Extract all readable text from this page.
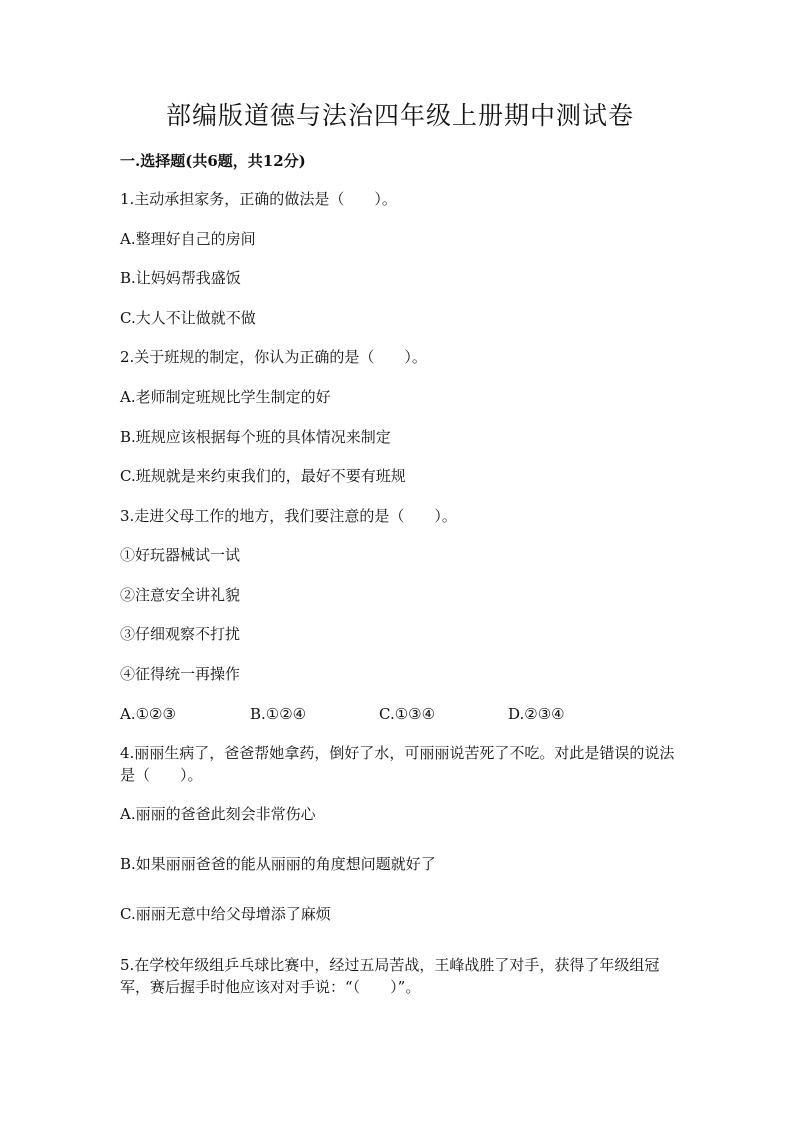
部编版道德与法治四年级上册期中测试卷
一.选择题(共6题，共12分)
1.主动承担家务，正确的做法是（　　）。
A.整理好自己的房间
B.让妈妈帮我盛饭
C.大人不让做就不做
2.关于班规的制定，你认为正确的是（　　）。
A.老师制定班规比学生制定的好
B.班规应该根据每个班的具体情况来制定
C.班规就是来约束我们的，最好不要有班规
3.走进父母工作的地方，我们要注意的是（　　）。
①好玩器械试一试
②注意安全讲礼貌
③仔细观察不打扰
④征得统一再操作
A.①②③	B.①②④	C.①③④	D.②③④
4.丽丽生病了，爸爸帮她拿药，倒好了水，可丽丽说苦死了不吃。对此是错误的说法是（　　）。
A.丽丽的爸爸此刻会非常伤心
B.如果丽丽爸爸的能从丽丽的角度想问题就好了
C.丽丽无意中给父母增添了麻烦
5.在学校年级组乒乓球比赛中，经过五局苦战，王峰战胜了对手，获得了年级组冠军，赛后握手时他应该对对手说：“（　　）”。
